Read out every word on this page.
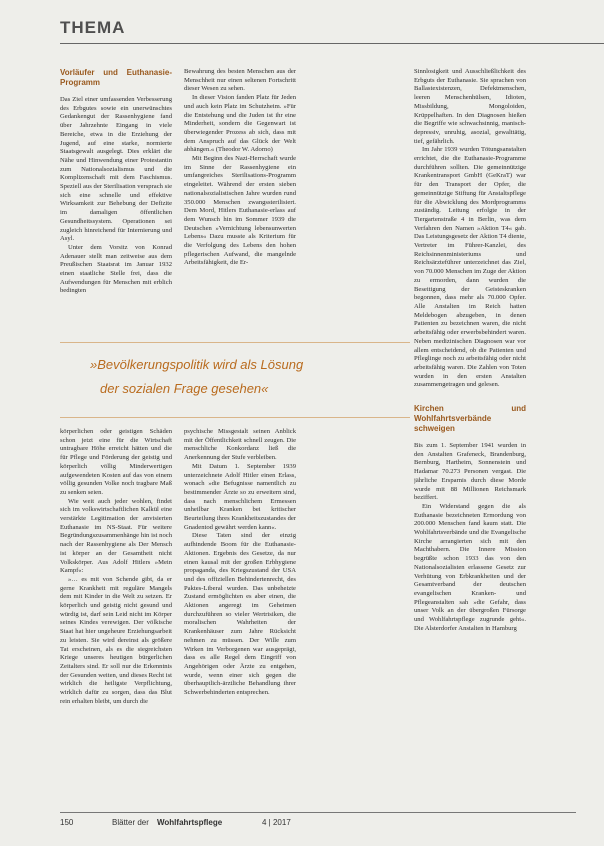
THEMA
Vorläufer und Euthanasie-Programm

Das Ziel einer umfassenden Verbesserung des Erbgutes sowie ein unerwünschtes Gedankengut der Rassenhygiene fand über Jahrzehnte Eingang in viele Bereiche, etwa in die Erziehung der Jugend, auf eine starke, normierte Staatsgewalt ausgelegt. Dies erklärt die Nähe und Hinwendung einer Protestantin zum Nationalsozialismus und die Komplizenschaft mit dem Faschismus. Speziell aus der Sterilisation versprach sie sich eine schnelle und effektive Wirksamkeit zur Behebung der Defizite im damaligen öffentlichen Gesundheitssystem. Operationen sei zugleich hinreichend für Internierung und Asyl.

Unter dem Vorsitz von Konrad Adenauer stellt man zeitweise aus dem Preußischen Staatsrat im Januar 1932 einen staatliche Stelle frei, dass die Aufwendungen für Menschen mit erblich bedingten

Bewahrung des besten Menschen aus der Menschheit nur einen seltenen Fortschritt dieser Wesen zu sehen.

In dieser Vision fanden Platz für Jeden und auch kein Platz im Schutzheim. »Für die Entstehung und die Juden ist ihr eine Minderheit, sondern die Gegenwart ist überwiegender Prozess ab sich, dass mit dem Anspruch auf das Glück der Welt abhängen.« (Theodor W. Adorno)

Mit Beginn des Nazi-Herrschaft wurde im Sinne der Rassenhygiene ein umfangreiches Sterilisations-Programm eingeleitet. Während der ersten sieben nationalsozialistischen Jahre wurden rund 350.000 Menschen zwangssterilisiert. Dem Mord, Hitlers Euthanasie-erlass auf dem Wunsch hin im Sommer 1939 die Deutschen »Vernichtung lebensunwerten Lebens« Dazu musste als Kriterium für die Verfolgung des Lebens den hohen pflegerischen Aufwand, die mangelnde Arbeitsfähigkeit, die Er-

Sinnlosigkeit und Ausschließlichkeit des Erbguts der Euthanasie. Sie sprachen von Ballastexistenzen, Defektmenschen, leeren Menschenhülsen, Idioten, Missbildung, Mongoloiden, Krüppelhaften. In den Diagnosen hießen die Begriffe wie schwachsinnig, manisch-depressiv, unruhig, asozial, gewalttätig, tief, gefährlich.

Im Jahr 1939 wurden Tötungsanstalten errichtet, die die Euthanasie-Programme durchführen sollten. Die gemeinnützige Krankentransport GmbH (GeKraT) war für den Transport der Opfer, die gemeinnützige Stiftung für Anstaltspflege für die Abwicklung des Mordprogramms zuständig. Leitung erfolgte in der Tiergartenstraße 4 in Berlin, was dem Verfahren den Namen »Aktion T4« gab. Das Leistungsgesetz der Aktion T4 diente, Vertreter im Führer-Kanzlei, des Reichsinnenministeriums und Reichsärzteführer unterzeichnet das Ziel, von 70.000 Menschen im Zuge der Aktion zu ermorden, dann wurden die Beseitigung der Geisteskranken begonnen, dass mehr als 70.000 Opfer. Alle Anstalten im Reich hatten Meldebogen abzugeben, in denen Patienten zu bezeichnen waren, die nicht arbeitsfähig oder erwerbsbehindert waren. Neben medizinischen Diagnosen war vor allem entscheidend, ob die Patienten und Pfleglinge noch zu arbeitsfähig oder nicht arbeitsfähig waren. Die Zahlen von Toten wurden in den ersten Anstalten zusammengetragen und gelesen.

Kirchen und Wohlfahrtsverbände schweigen

Bis zum 1. September 1941 wurden in den Anstalten Grafeneck, Brandenburg, Bernburg, Hartheim, Sonnenstein und Hadamar 70.273 Personen vergast. Die jährliche Ersparnis durch diese Morde wurde mit 88 Millionen Reichsmark beziffert.

Ein Widerstand gegen die als Euthanasie bezeichneten Ermordung von 200.000 Menschen fand kaum statt. Die Wohlfahrtsverbände und die Evangelische Kirche arrangierten sich mit den Machthabern. Die Innere Mission begrüßte schon 1933 das von den Nationalsozialisten erlassene Gesetz zur Verhütung von Erbkrankheiten und der Gesamtverband der deutschen evangelischen Kranken- und Pflegeanstalten sah »die Gefahr, dass unser Volk an der übergroßen Fürsorge und Wohlfahrtspflege zugrunde geht«. Die Alsterdorfer Anstalten in Hamburg

»Bevölkerungspolitik wird als Lösung
der sozialen Frage gesehen«

körperlichen oder geistigen Schäden schon jetzt eine für die Wirtschaft untragbare Höhe erreicht hätten und die für Pflege und Förderung der geistig und körperlich völlig Minderwertigen aufgewendeten Kosten auf das von einem völlig gesunden Volke noch tragbare Maß zu senken seien.

Wie weit auch jeder wohlen, findet sich im volkswirtschaftlichen Kalkül eine verstärkte Legitimation der anvisierten Euthanasie im NS-Staat. Für weitere Begründungszusammenhänge hin ist noch nach der Rassenhygiene als Der Mensch ist körper an der Gesamtheit nicht Volkskörper. Aus Adolf Hitlers »Mein Kampf«:

»… es mit von Schende gibt, da er gerne Krankheit mit reguläre Mangels dem mit Kinder in die Welt zu setzen. Er körperlich und geistig nicht gesund und würdig ist, darf sein Leid nicht im Körper seines Kindes verewigen. Der völkische Staat hat hier ungeheure Erziehungsarbeit zu leisten. Sie wird dereinst als größere Tat erscheinen, als es die siegreichsten Kriege unseres heutigen bürgerlichen Zeitalters sind. Er soll nur die Erkenntnis der Gesunden weiten, und dieses Recht ist wirklich die heiligste Verpflichtung, wirklich dafür zu sorgen, dass das Blut rein erhalten bleibt, um durch die

psychische Missgestalt seinen Anblick mit der Öffentlichkeit schnell zeugen. Die menschliche Konkordanz ließ die Anerkennung der Stufe verbleiben.

Mit Datum 1. September 1939 unterzeichnete Adolf Hitler einen Erlass, wonach »die Befugnisse namentlich zu bestimmender Ärzte so zu erweitern sind, dass nach menschlichem Ermessen unheilbar Kranken bei kritischer Beurteilung ihres Krankheitszustandes der Gnadentod gewährt werden kann«.

Diese Taten sind der einzig aufhindende Boom für die Euthanasie-Aktionen. Ergebnis des Gesetze, da nur einen kausal mit der großen Erbhygiene propaganda, des Kriegszustand der USA und des offiziellen Behindertenrecht, des Paktes-Liberal wurden. Das unbeheizte Zustand ermöglichten es aber einen, die Aktionen angeregt im Geheimen durchzuführen so vieler Wertrisiken, die moralischen Wahrheiten der Krankenhäuser zum Jahre Rücksicht nehmen zu müssen. Der Wille zum Wirken im Verborgenen war ausgeprägt, dass es alle Regel dem Eingriff von Angehörigen oder Ärzte zu entgehen, wurde, wenn einer sich gegen die überhauptlich-ärztliche Behandlung ihrer Schwerbehinderten entsprechen.

150	Blätter der Wohlfahrtspflege	4 | 2017
